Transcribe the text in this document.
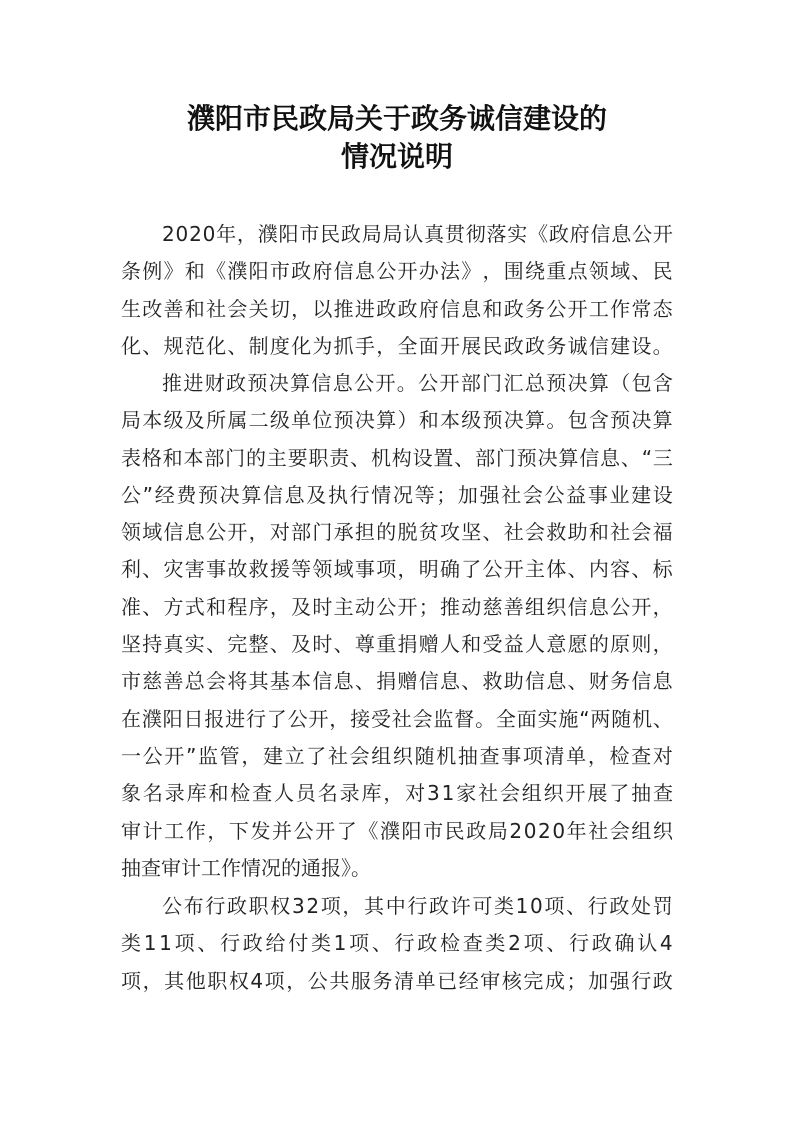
濮阳市民政局关于政务诚信建设的
情况说明
2 0 2 0 年 ， 濮 阳 市 民 政 局 局 认 真 贯 彻 落 实 《 政 府 信 息 公 开
条 例 》 和 《 濮 阳 市 政 府 信 息 公 开 办 法 》 ， 围 绕 重 点 领 域 、 民
生 改 善 和 社 会 关 切 ， 以 推 进 政 政 府 信 息 和 政 务 公 开 工 作 常 态
化 、 规 范 化 、 制 度 化 为 抓 手 ， 全 面 开 展 民 政 政 务 诚 信 建 设 。
推 进 财 政 预 决 算 信 息 公 开 。 公 开 部 门 汇 总 预 决 算 （ 包 含
局 本 级 及 所 属 二 级 单 位 预 决 算 ） 和 本 级 预 决 算 。 包 含 预 决 算
表 格 和 本 部 门 的 主 要 职 责 、 机 构 设 置 、 部 门 预 决 算 信 息 、 “ 三
公 ” 经 费 预 决 算 信 息 及 执 行 情 况 等 ； 加 强 社 会 公 益 事 业 建 设
领 域 信 息 公 开 ， 对 部 门 承 担 的 脱 贫 攻 坚 、 社 会 救 助 和 社 会 福
利 、 灾 害 事 故 救 援 等 领 域 事 项 ， 明 确 了 公 开 主 体 、 内 容 、 标
准 、 方 式 和 程 序 ， 及 时 主 动 公 开 ； 推 动 慈 善 组 织 信 息 公 开 ，
坚 持 真 实 、 完 整 、 及 时 、 尊 重 捐 赠 人 和 受 益 人 意 愿 的 原 则 ，
市 慈 善 总 会 将 其 基 本 信 息 、 捐 赠 信 息 、 救 助 信 息 、 财 务 信 息
在 濮 阳 日 报 进 行 了 公 开 ， 接 受 社 会 监 督 。 全 面 实 施 “ 两 随 机 、
一 公 开 ” 监 管 ， 建 立 了 社 会 组 织 随 机 抽 查 事 项 清 单 ， 检 查 对
象 名 录 库 和 检 查 人 员 名 录 库 ， 对 3 1 家 社 会 组 织 开 展 了 抽 查
审 计 工 作 ， 下 发 并 公 开 了 《 濮 阳 市 民 政 局 2 0 2 0 年 社 会 组 织
抽查审计工作情况的通报》。
公 布 行 政 职 权 3 2 项 ， 其 中 行 政 许 可 类 1 0 项 、 行 政 处 罚
类 1 1 项 、 行 政 给 付 类 1 项 、 行 政 检 查 类 2 项 、 行 政 确 认 4
项 ， 其 他 职 权 4 项 ， 公 共 服 务 清 单 已 经 审 核 完 成 ； 加 强 行 政
